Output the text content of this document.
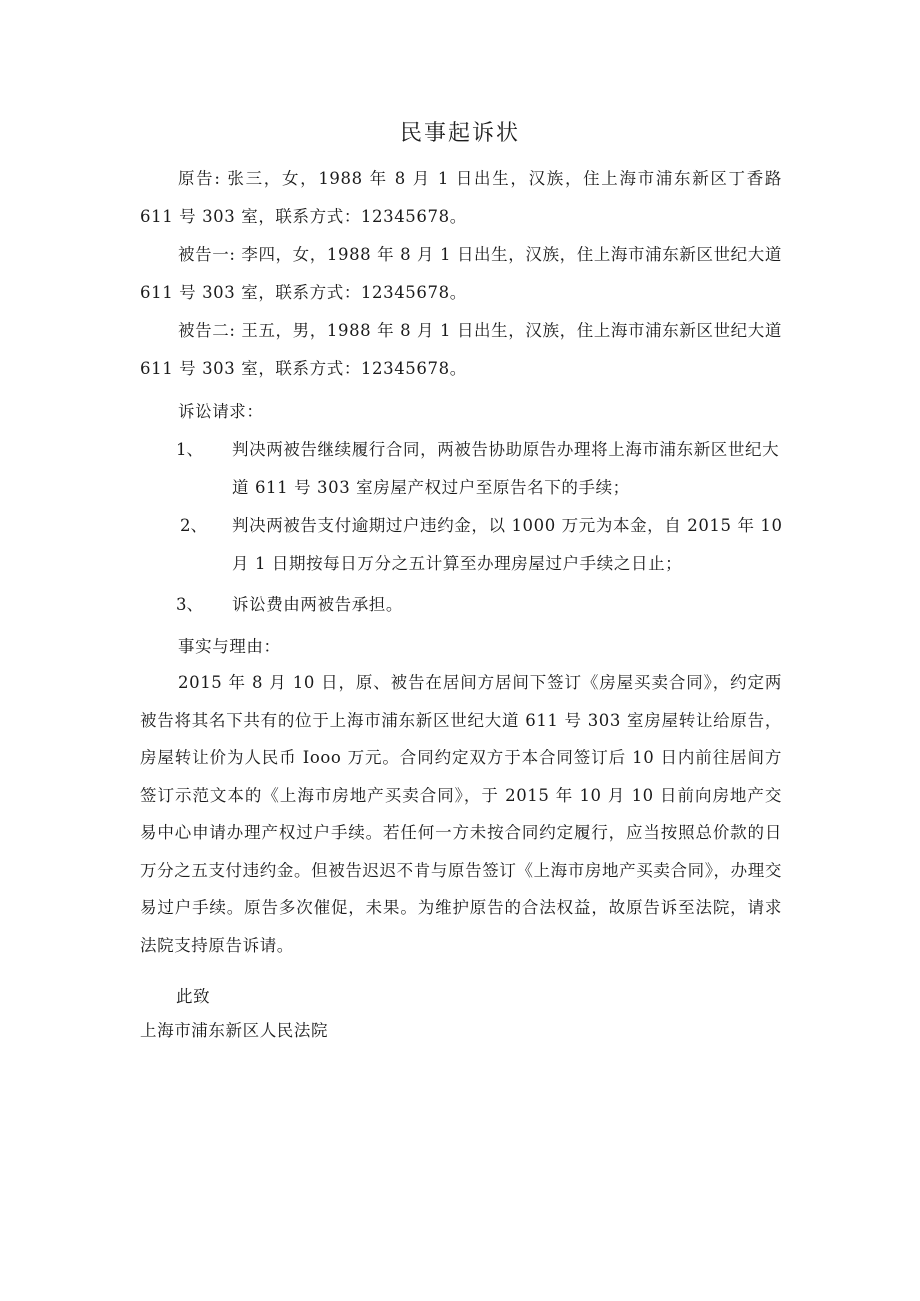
民事起诉状
原告: 张三，女，1988 年 8 月 1 日出生，汉族，住上海市浦东新区丁香路 611 号 303 室，联系方式：12345678。
被告一: 李四，女，1988 年 8 月 1 日出生，汉族，住上海市浦东新区世纪大道 611 号 303 室，联系方式：12345678。
被告二: 王五，男，1988 年 8 月 1 日出生，汉族，住上海市浦东新区世纪大道 611 号 303 室，联系方式：12345678。
诉讼请求：
1、 判决两被告继续履行合同，两被告协助原告办理将上海市浦东新区世纪大道 611 号 303 室房屋产权过户至原告名下的手续；
2、 判决两被告支付逾期过户违约金，以 1000 万元为本金，自 2015 年 10 月 1 日期按每日万分之五计算至办理房屋过户手续之日止；
3、 诉讼费由两被告承担。
事实与理由：
2015 年 8 月 10 日，原、被告在居间方居间下签订《房屋买卖合同》，约定两被告将其名下共有的位于上海市浦东新区世纪大道 611 号 303 室房屋转让给原告，房屋转让价为人民币 Iooo 万元。合同约定双方于本合同签订后 10 日内前往居间方签订示范文本的《上海市房地产买卖合同》，于 2015 年 10 月 10 日前向房地产交易中心申请办理产权过户手续。若任何一方未按合同约定履行，应当按照总价款的日万分之五支付违约金。但被告迟迟不肯与原告签订《上海市房地产买卖合同》，办理交易过户手续。原告多次催促，未果。为维护原告的合法权益，故原告诉至法院，请求法院支持原告诉请。
此致
上海市浦东新区人民法院
